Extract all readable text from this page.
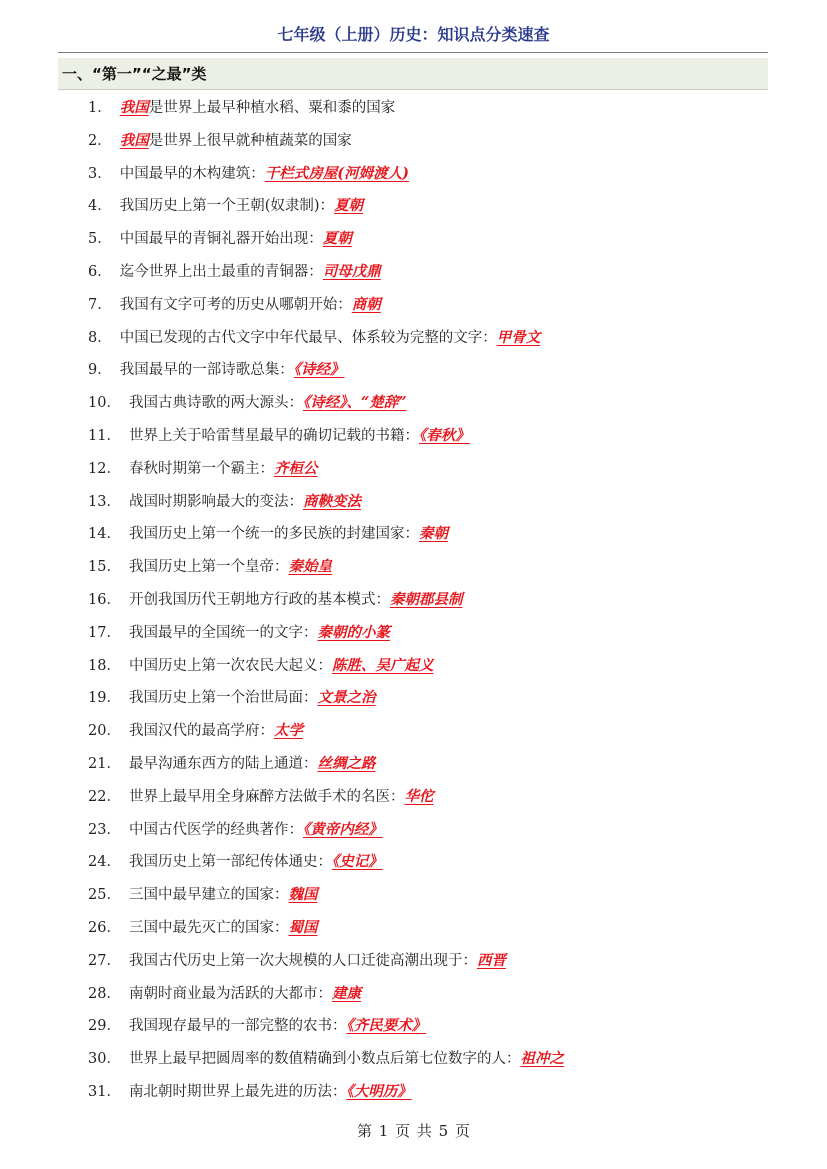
七年级（上册）历史：知识点分类速查
一、“第一”“之最”类
1． 我国是世界上最早种植水稻、粟和黍的国家
2． 我国是世界上很早就种植蔬菜的国家
3． 中国最早的木构建筑：干栏式房屋(河姆渡人)
4． 我国历史上第一个王朝(奴隶制)：夏朝
5． 中国最早的青铜礼器开始出现：夏朝
6． 迄今世界上出土最重的青铜器：司母戊鼎
7． 我国有文字可考的历史从哪朝开始：商朝
8． 中国已发现的古代文字中年代最早、体系较为完整的文字：甲骨文
9． 我国最早的一部诗歌总集：《诗经》
10． 我国古典诗歌的两大源头：《诗经》、“楚辞”
11． 世界上关于哈雷彗星最早的确切记载的书籍：《春秋》
12． 春秋时期第一个霸主：齐桓公
13． 战国时期影响最大的变法：商鞅变法
14． 我国历史上第一个统一的多民族的封建国家：秦朝
15． 我国历史上第一个皇帝：秦始皇
16． 开创我国历代王朝地方行政的基本模式：秦朝郡县制
17． 我国最早的全国统一的文字：秦朝的小篆
18． 中国历史上第一次农民大起义：陈胜、吴广起义
19． 我国历史上第一个治世局面：文景之治
20． 我国汉代的最高学府：太学
21． 最早沟通东西方的陆上通道：丝绸之路
22． 世界上最早用全身麻醉方法做手术的名医：华佗
23． 中国古代医学的经典著作：《黄帝内经》
24． 我国历史上第一部纪传体通史：《史记》
25． 三国中最早建立的国家：魏国
26． 三国中最先灭亡的国家：蜀国
27． 我国古代历史上第一次大规模的人口迁徙高潮出现于：西晋
28． 南朝时商业最为活跃的大都市：建康
29． 我国现存最早的一部完整的农书：《齐民要术》
30． 世界上最早把圆周率的数值精确到小数点后第七位数字的人：祖冲之
31． 南北朝时期世界上最先进的历法：《大明历》
第 1 页 共 5 页
